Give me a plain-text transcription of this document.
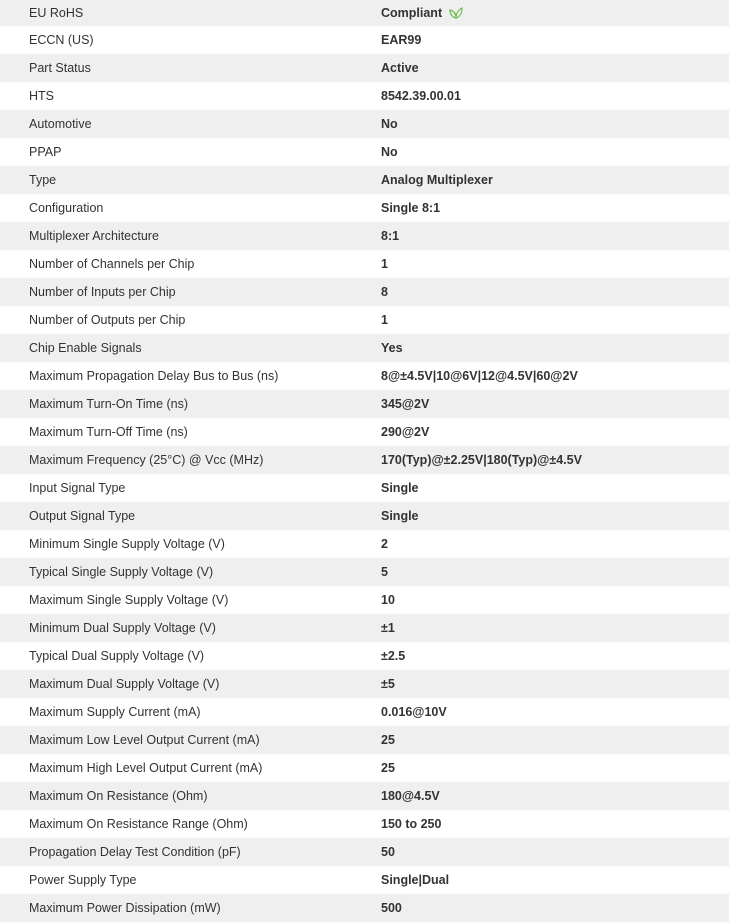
EU RoHS	Compliant
ECCN (US)	EAR99
Part Status	Active
HTS	8542.39.00.01
Automotive	No
PPAP	No
Type	Analog Multiplexer
Configuration	Single 8:1
Multiplexer Architecture	8:1
Number of Channels per Chip	1
Number of Inputs per Chip	8
Number of Outputs per Chip	1
Chip Enable Signals	Yes
Maximum Propagation Delay Bus to Bus (ns)	8@±4.5V|10@6V|12@4.5V|60@2V
Maximum Turn-On Time (ns)	345@2V
Maximum Turn-Off Time (ns)	290@2V
Maximum Frequency (25°C) @ Vcc (MHz)	170(Typ)@±2.25V|180(Typ)@±4.5V
Input Signal Type	Single
Output Signal Type	Single
Minimum Single Supply Voltage (V)	2
Typical Single Supply Voltage (V)	5
Maximum Single Supply Voltage (V)	10
Minimum Dual Supply Voltage (V)	±1
Typical Dual Supply Voltage (V)	±2.5
Maximum Dual Supply Voltage (V)	±5
Maximum Supply Current (mA)	0.016@10V
Maximum Low Level Output Current (mA)	25
Maximum High Level Output Current (mA)	25
Maximum On Resistance (Ohm)	180@4.5V
Maximum On Resistance Range (Ohm)	150 to 250
Propagation Delay Test Condition (pF)	50
Power Supply Type	Single|Dual
Maximum Power Dissipation (mW)	500
